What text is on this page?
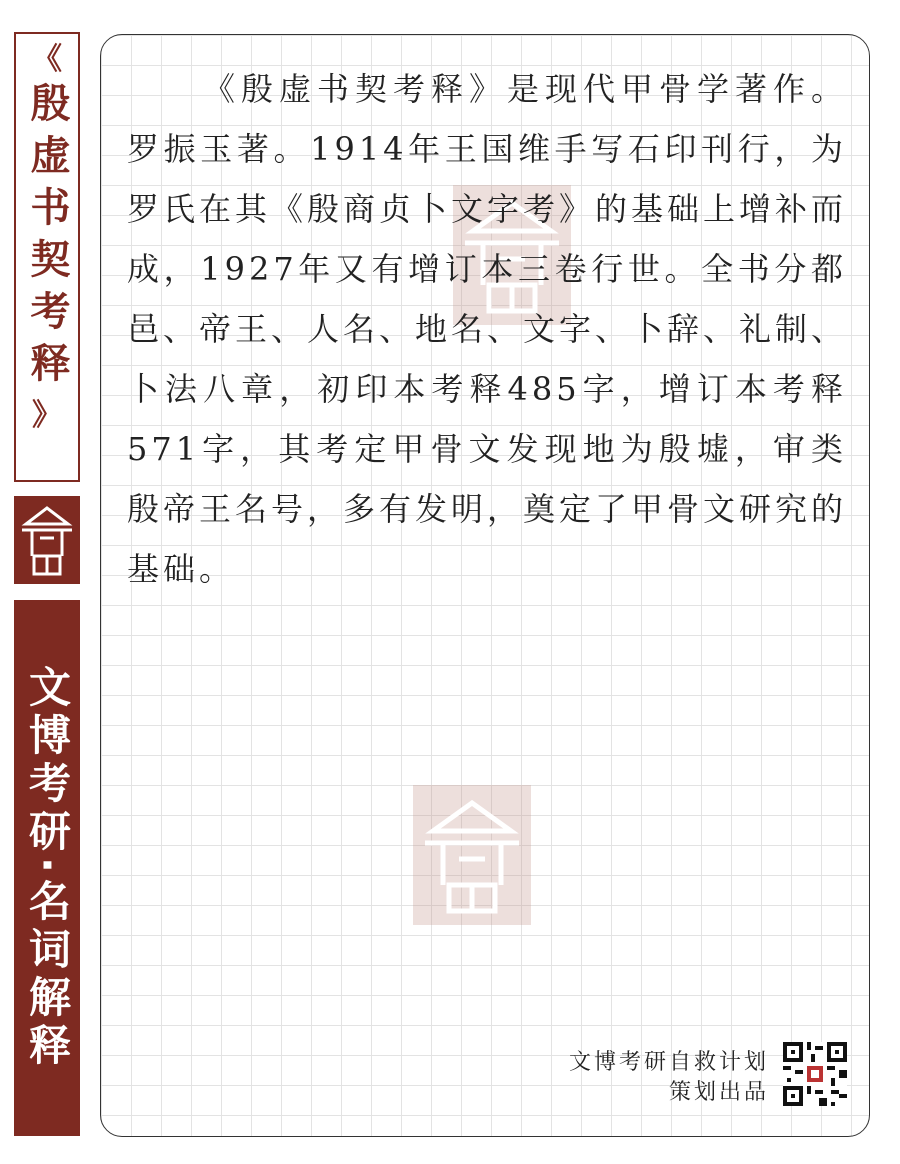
《
殷虚书契考释
》
文博考研·名词解释

《殷虚书契考释》是现代甲骨学著作。罗振玉著。1914年王国维手写石印刊行，为罗氏在其《殷商贞卜文字考》的基础上增补而成，1927年又有增订本三卷行世。全书分都邑、帝王、人名、地名、文字、卜辞、礼制、卜法八章，初印本考释485字，增订本考释571字，其考定甲骨文发现地为殷墟，审类殷帝王名号，多有发明，奠定了甲骨文研究的基础。

文博考研自救计划
策划出品
